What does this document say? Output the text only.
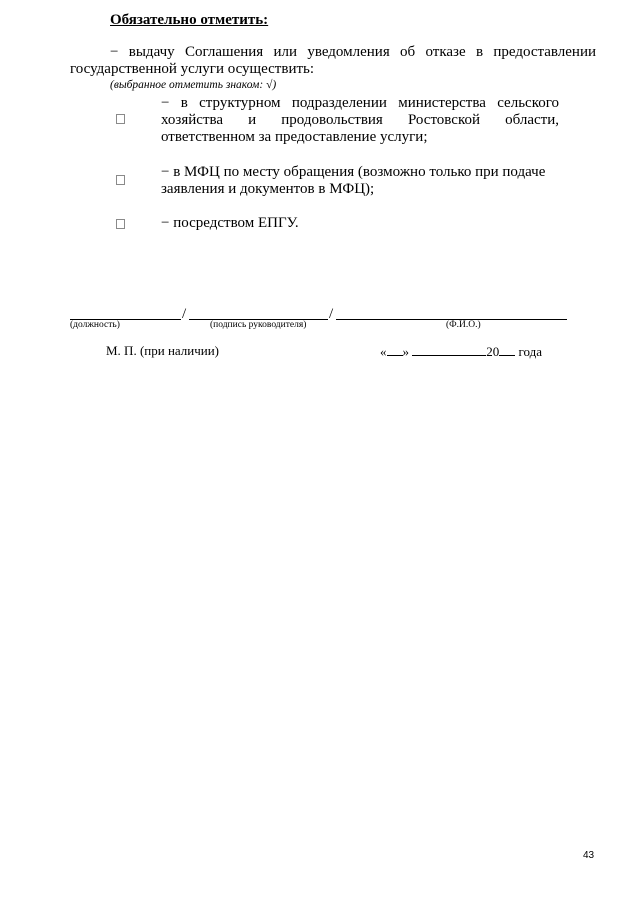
Обязательно отметить:
− выдачу Соглашения или уведомления об отказе в предоставлении
государственной услуги осуществить:
(выбранное отметить знаком: √)
− в структурном подразделении министерства сельского
хозяйства и продовольствия Ростовской области,
ответственном за предоставление услуги;
− в МФЦ по месту обращения (возможно только при подаче
заявления и документов в МФЦ);
− посредством ЕПГУ.
/	/
(должность)	(подпись руководителя)	(Ф.И.О.)
М. П. (при наличии)	« »	20 года
43
